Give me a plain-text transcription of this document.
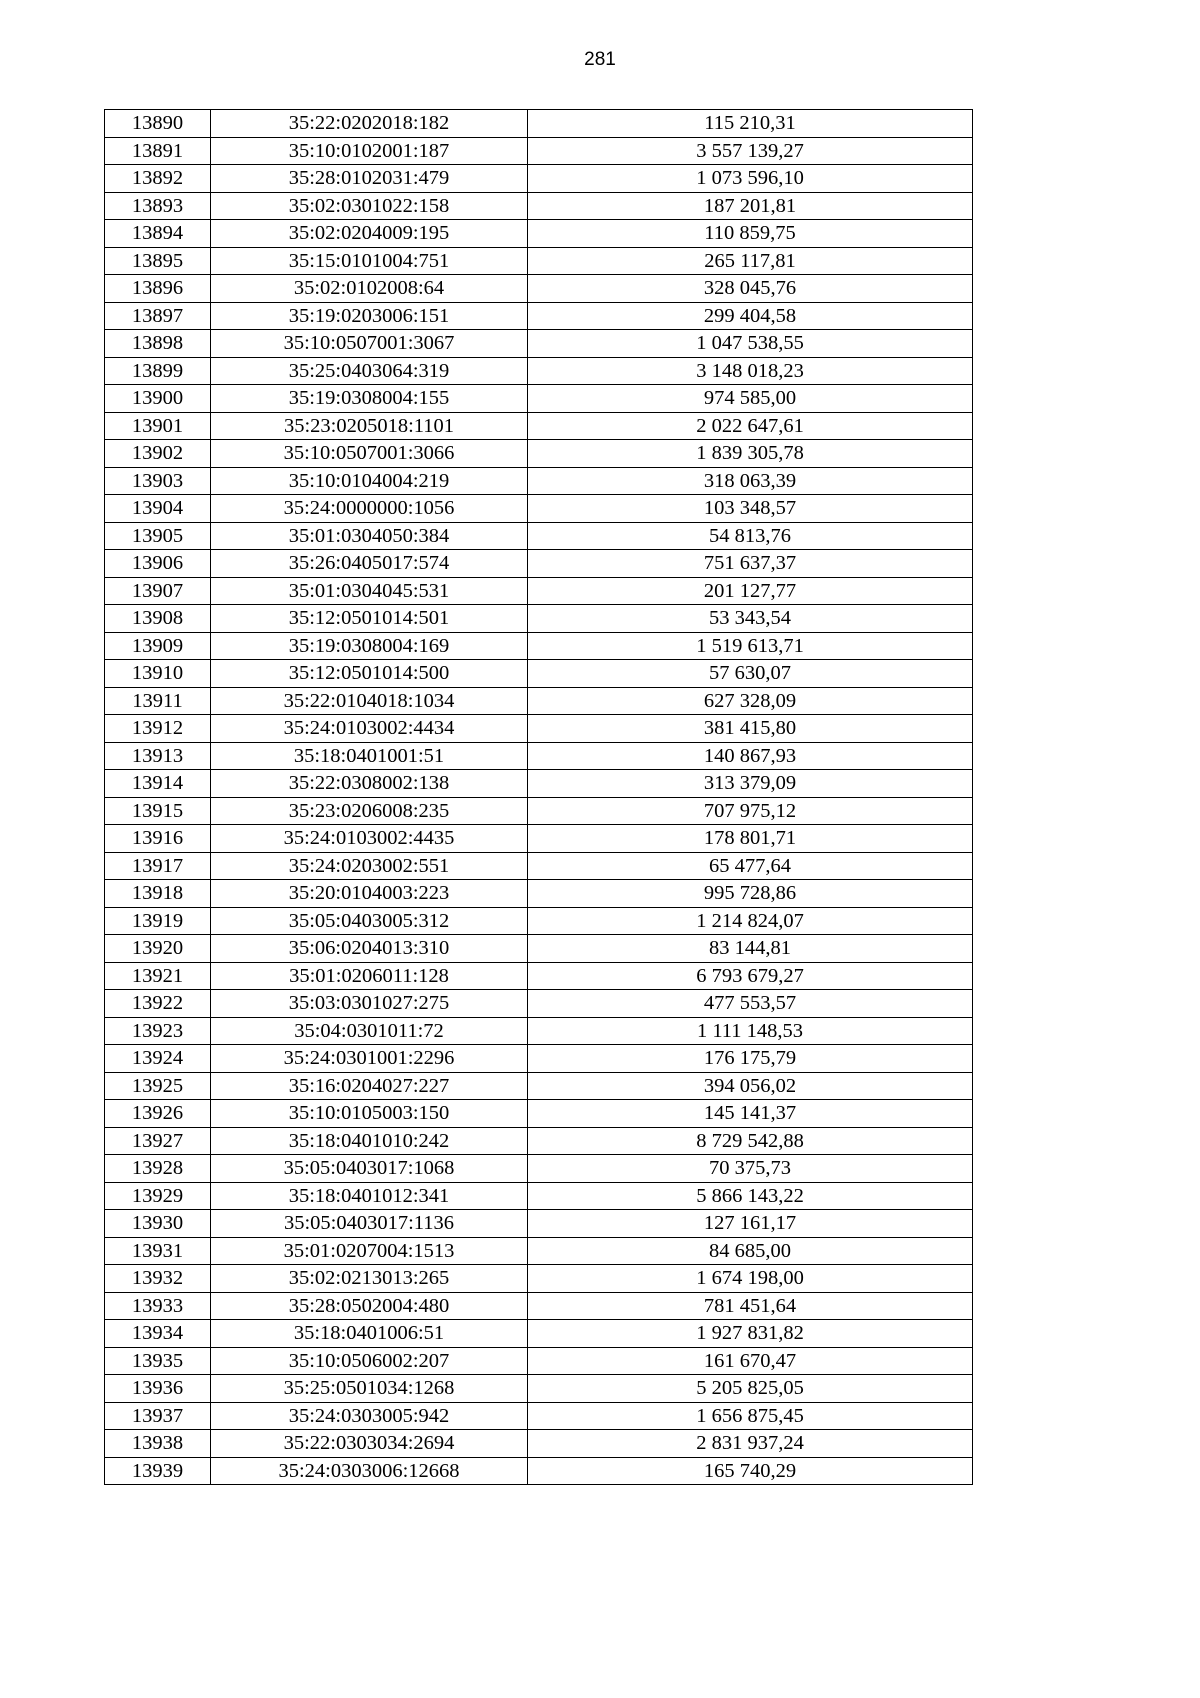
281
13890	35:22:0202018:182	115 210,31
13891	35:10:0102001:187	3 557 139,27
13892	35:28:0102031:479	1 073 596,10
13893	35:02:0301022:158	187 201,81
13894	35:02:0204009:195	110 859,75
13895	35:15:0101004:751	265 117,81
13896	35:02:0102008:64	328 045,76
13897	35:19:0203006:151	299 404,58
13898	35:10:0507001:3067	1 047 538,55
13899	35:25:0403064:319	3 148 018,23
13900	35:19:0308004:155	974 585,00
13901	35:23:0205018:1101	2 022 647,61
13902	35:10:0507001:3066	1 839 305,78
13903	35:10:0104004:219	318 063,39
13904	35:24:0000000:1056	103 348,57
13905	35:01:0304050:384	54 813,76
13906	35:26:0405017:574	751 637,37
13907	35:01:0304045:531	201 127,77
13908	35:12:0501014:501	53 343,54
13909	35:19:0308004:169	1 519 613,71
13910	35:12:0501014:500	57 630,07
13911	35:22:0104018:1034	627 328,09
13912	35:24:0103002:4434	381 415,80
13913	35:18:0401001:51	140 867,93
13914	35:22:0308002:138	313 379,09
13915	35:23:0206008:235	707 975,12
13916	35:24:0103002:4435	178 801,71
13917	35:24:0203002:551	65 477,64
13918	35:20:0104003:223	995 728,86
13919	35:05:0403005:312	1 214 824,07
13920	35:06:0204013:310	83 144,81
13921	35:01:0206011:128	6 793 679,27
13922	35:03:0301027:275	477 553,57
13923	35:04:0301011:72	1 111 148,53
13924	35:24:0301001:2296	176 175,79
13925	35:16:0204027:227	394 056,02
13926	35:10:0105003:150	145 141,37
13927	35:18:0401010:242	8 729 542,88
13928	35:05:0403017:1068	70 375,73
13929	35:18:0401012:341	5 866 143,22
13930	35:05:0403017:1136	127 161,17
13931	35:01:0207004:1513	84 685,00
13932	35:02:0213013:265	1 674 198,00
13933	35:28:0502004:480	781 451,64
13934	35:18:0401006:51	1 927 831,82
13935	35:10:0506002:207	161 670,47
13936	35:25:0501034:1268	5 205 825,05
13937	35:24:0303005:942	1 656 875,45
13938	35:22:0303034:2694	2 831 937,24
13939	35:24:0303006:12668	165 740,29
